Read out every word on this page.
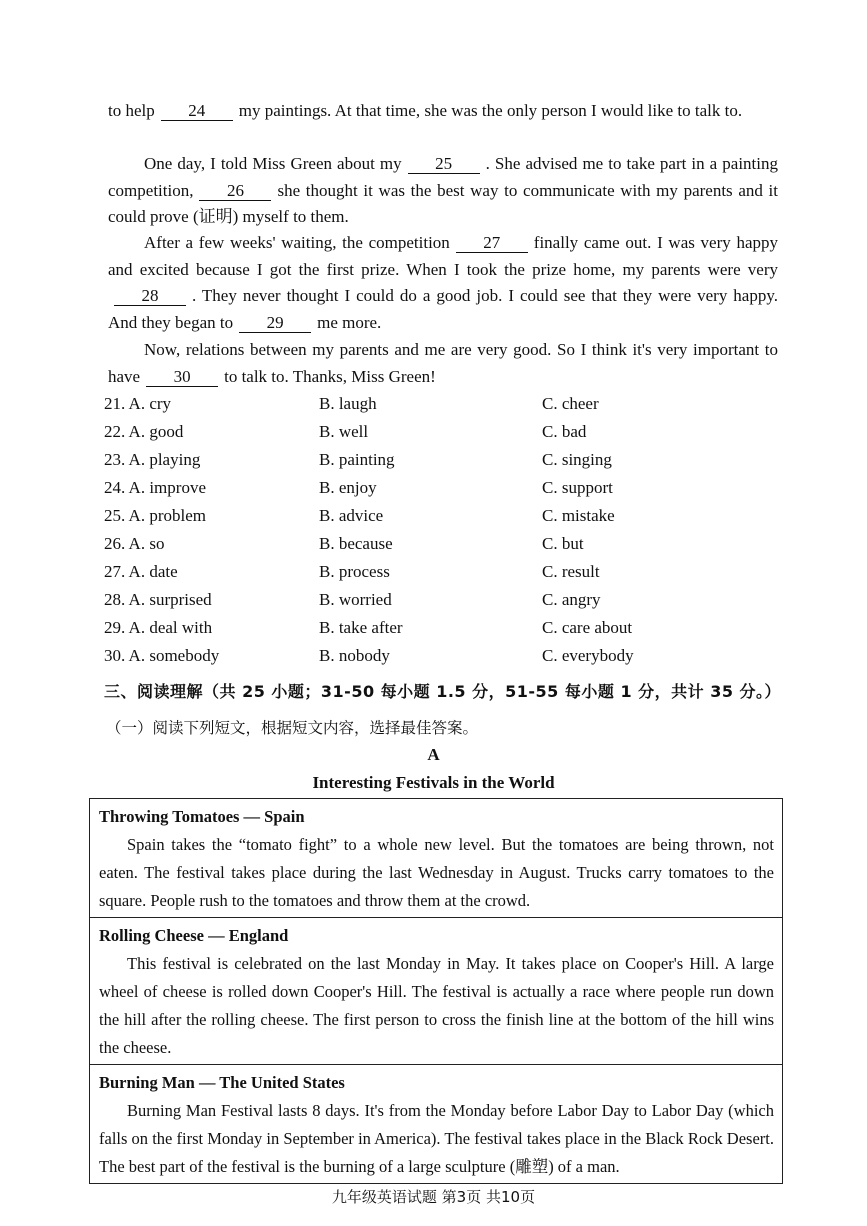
to help 24 my paintings. At that time, she was the only person I would like to talk to.
One day, I told Miss Green about my 25 . She advised me to take part in a painting competition, 26 she thought it was the best way to communicate with my parents and it could prove (证明) myself to them.
After a few weeks' waiting, the competition 27 finally came out. I was very happy and excited because I got the first prize. When I took the prize home, my parents were very28 . They never thought I could do a good job. I could see that they were very happy. And they began to 29 me more.
Now, relations between my parents and me are very good. So I think it's very important to have 30 to talk to. Thanks, Miss Green!
21. A. cry	B. laugh	C. cheer
22. A. good	B. well	C. bad
23. A. playing	B. painting	C. singing
24. A. improve	B. enjoy	C. support
25. A. problem	B. advice	C. mistake
26. A. so	B. because	C. but
27. A. date	B. process	C. result
28. A. surprised	B. worried	C. angry
29. A. deal with	B. take after	C. care about
30. A. somebody	B. nobody	C. everybody
三、阅读理解（共 25 小题；31-50 每小题 1.5 分，51-55 每小题 1 分，共计 35 分。）
（一）阅读下列短文，根据短文内容，选择最佳答案。
A
Interesting Festivals in the World
Throwing Tomatoes — Spain
Spain takes the “tomato fight” to a whole new level. But the tomatoes are being thrown, not eaten. The festival takes place during the last Wednesday in August. Trucks carry tomatoes to the square. People rush to the tomatoes and throw them at the crowd.

Rolling Cheese — England
This festival is celebrated on the last Monday in May. It takes place on Cooper's Hill. A large wheel of cheese is rolled down Cooper's Hill. The festival is actually a race where people run down the hill after the rolling cheese. The first person to cross the finish line at the bottom of the hill wins the cheese.

Burning Man — The United States
Burning Man Festival lasts 8 days. It's from the Monday before Labor Day to Labor Day (which falls on the first Monday in September in America). The festival takes place in the Black Rock Desert. The best part of the festival is the burning of a large sculpture (雕塑) of a man.
九年级英语试题 第3页 共10页
